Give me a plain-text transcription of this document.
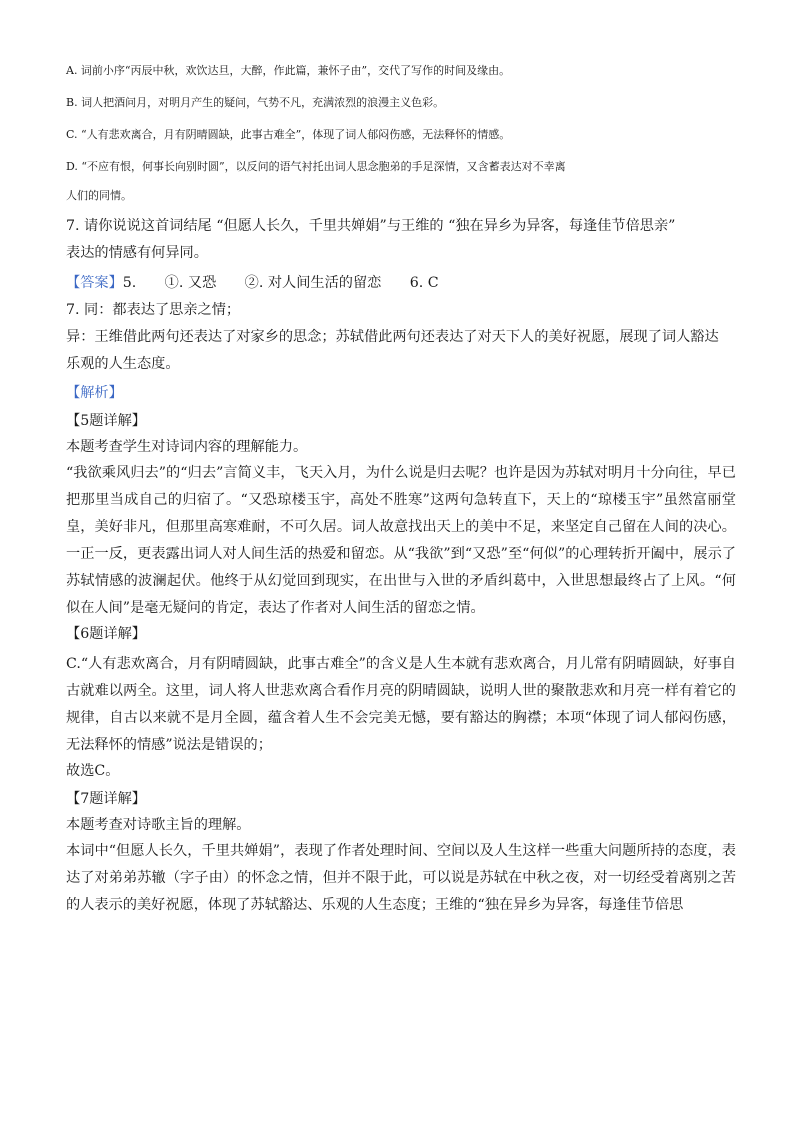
A. 词前小序“丙辰中秋，欢饮达旦，大醉，作此篇，兼怀子由”，交代了写作的时间及缘由。

B. 词人把酒问月，对明月产生的疑问，气势不凡，充满浓烈的浪漫主义色彩。

C. “人有悲欢离合，月有阴晴圆缺，此事古难全”，体现了词人郁闷伤感，无法释怀的情感。

D. “不应有恨，何事长向别时圆”，以反问的语气衬托出词人思念胞弟的手足深情，又含蓄表达对不幸离

人们的同情。

7. 请你说说这首词结尾 “但愿人长久，千里共婵娟”与王维的 “独在异乡为异客，每逢佳节倍思亲”

表达的情感有何异同。

【答案】5.　　①. 又恐　　②. 对人间生活的留恋　　6. C

7. 同：都表达了思亲之情；

异：王维借此两句还表达了对家乡的思念；苏轼借此两句还表达了对天下人的美好祝愿，展现了词人豁达

乐观的人生态度。

【解析】

【5题详解】

本题考查学生对诗词内容的理解能力。

“我欲乘风归去”的“归去”言简义丰，飞天入月，为什么说是归去呢？也许是因为苏轼对明月十分向往，早已把那里当成自己的归宿了。“又恐琼楼玉宇，高处不胜寒”这两句急转直下，天上的“琼楼玉宇”虽然富丽堂皇，美好非凡，但那里高寒难耐，不可久居。词人故意找出天上的美中不足，来坚定自己留在人间的决心。一正一反，更表露出词人对人间生活的热爱和留恋。从“我欲”到“又恐”至“何似”的心理转折开阖中，展示了苏轼情感的波澜起伏。他终于从幻觉回到现实，在出世与入世的矛盾纠葛中，入世思想最终占了上风。“何似在人间”是毫无疑问的肯定，表达了作者对人间生活的留恋之情。

【6题详解】

C.“人有悲欢离合，月有阴晴圆缺，此事古难全”的含义是人生本就有悲欢离合，月儿常有阴晴圆缺，好事自古就难以两全。这里，词人将人世悲欢离合看作月亮的阴晴圆缺，说明人世的聚散悲欢和月亮一样有着它的规律，自古以来就不是月全圆，蕴含着人生不会完美无憾，要有豁达的胸襟；本项“体现了词人郁闷伤感，无法释怀的情感”说法是错误的；

故选C。

【7题详解】

本题考查对诗歌主旨的理解。

本词中“但愿人长久，千里共婵娟”，表现了作者处理时间、空间以及人生这样一些重大问题所持的态度，表达了对弟弟苏辙（字子由）的怀念之情，但并不限于此，可以说是苏轼在中秋之夜，对一切经受着离别之苦的人表示的美好祝愿，体现了苏轼豁达、乐观的人生态度；王维的“独在异乡为异客，每逢佳节倍思
